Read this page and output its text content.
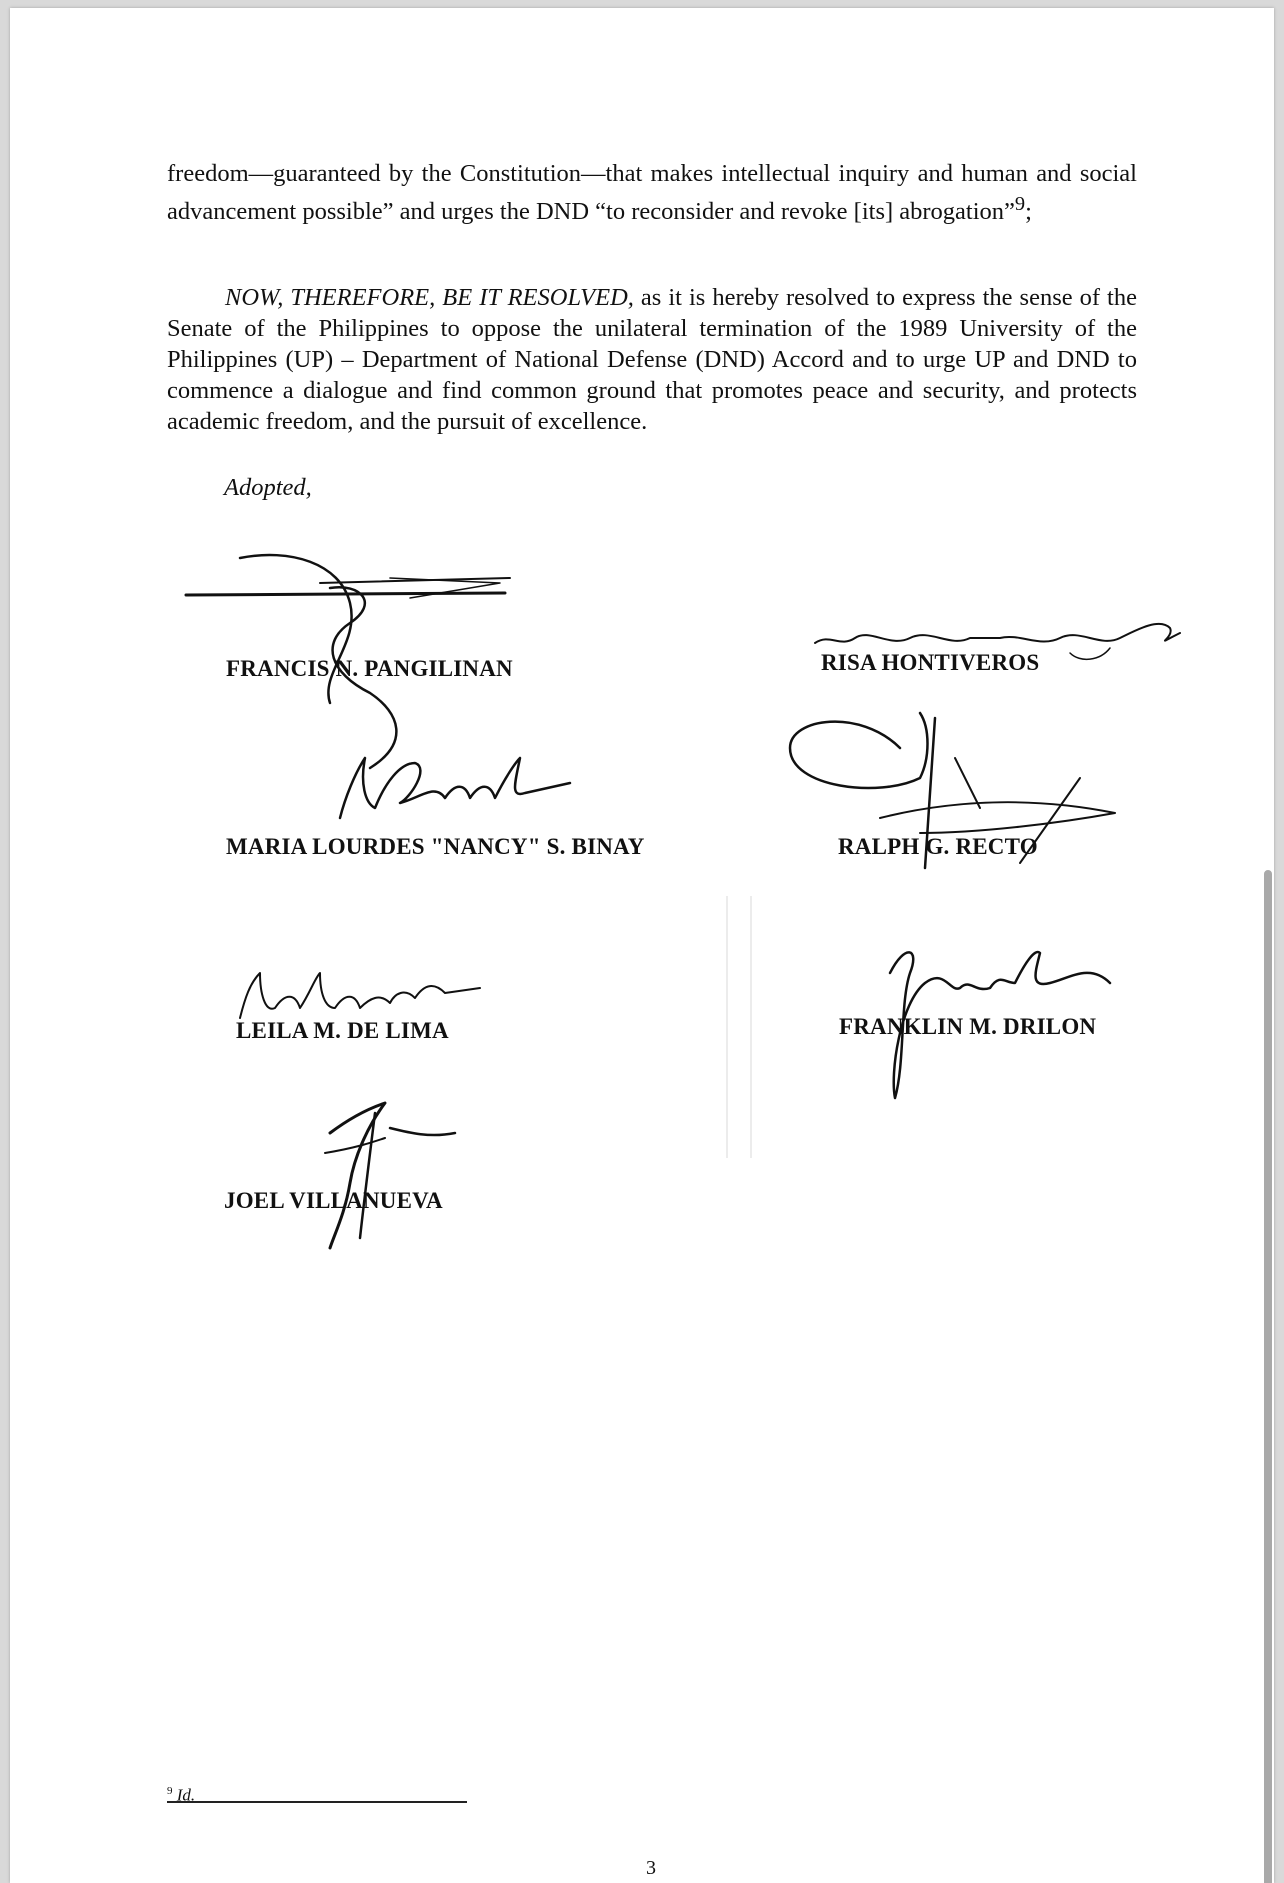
freedom—guaranteed by the Constitution—that makes intellectual inquiry and human and social advancement possible” and urges the DND “to reconsider and revoke [its] abrogation”$^9$;

NOW, THEREFORE, BE IT RESOLVED, as it is hereby resolved to express the sense of the Senate of the Philippines to oppose the unilateral termination of the 1989 University of the Philippines (UP) – Department of National Defense (DND) Accord and to urge UP and DND to commence a dialogue and find common ground that promotes peace and security, and protects academic freedom, and the pursuit of excellence.

Adopted,
FRANCIS N. PANGILINAN	RISA HONTIVEROS
MARIA LOURDES "NANCY" S. BINAY	RALPH G. RECTO
LEILA M. DE LIMA	FRANKLIN M. DRILON
JOEL VILLANUEVA
$^9$ Id.
3
